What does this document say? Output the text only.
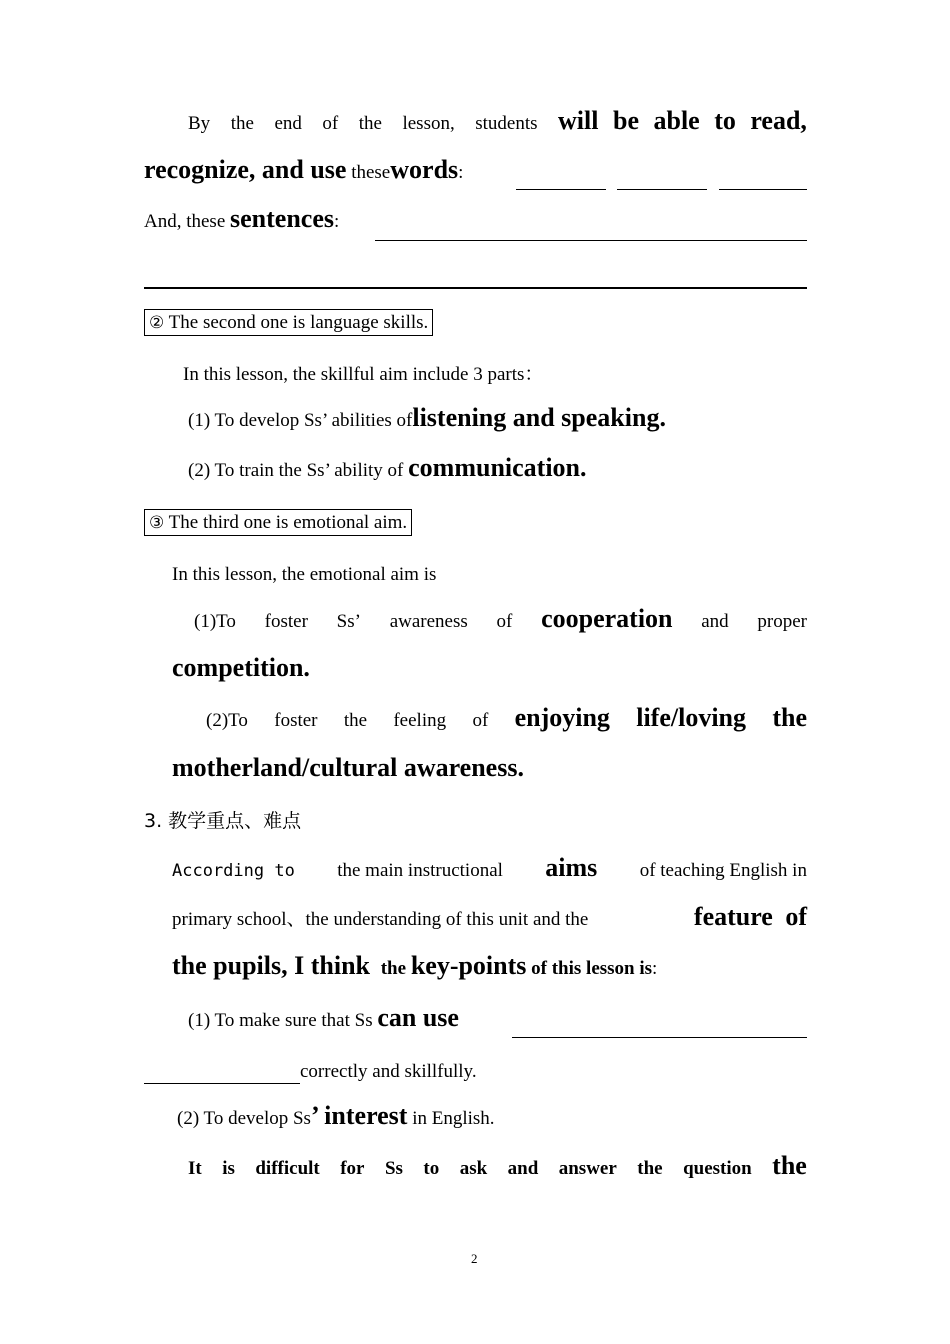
By the end of the lesson, students will be able to read,
recognize, and use thesewords:
And, these sentences:
② The second one is language skills.
In this lesson, the skillful aim include 3 parts：
(1) To develop Ss’ abilities oflistening and speaking.
(2) To train the Ss’ ability of communication.
③ The third one is emotional aim.
In this lesson, the emotional aim is
(1)To foster Ss’ awareness of cooperation and proper
competition.
(2)To foster the feeling of enjoying life/loving the
motherland/cultural awareness.
3. 教学重点、难点
According to the main instructional aims of teaching English in
primary school、the understanding of this unit and the	feature of
the pupils, I think the key-points of this lesson is:
(1) To make sure that Ss can use
correctly and skillfully.
(2) To develop Ss’ interest in English.
It is difficult for Ss to ask and answer the question the
2
